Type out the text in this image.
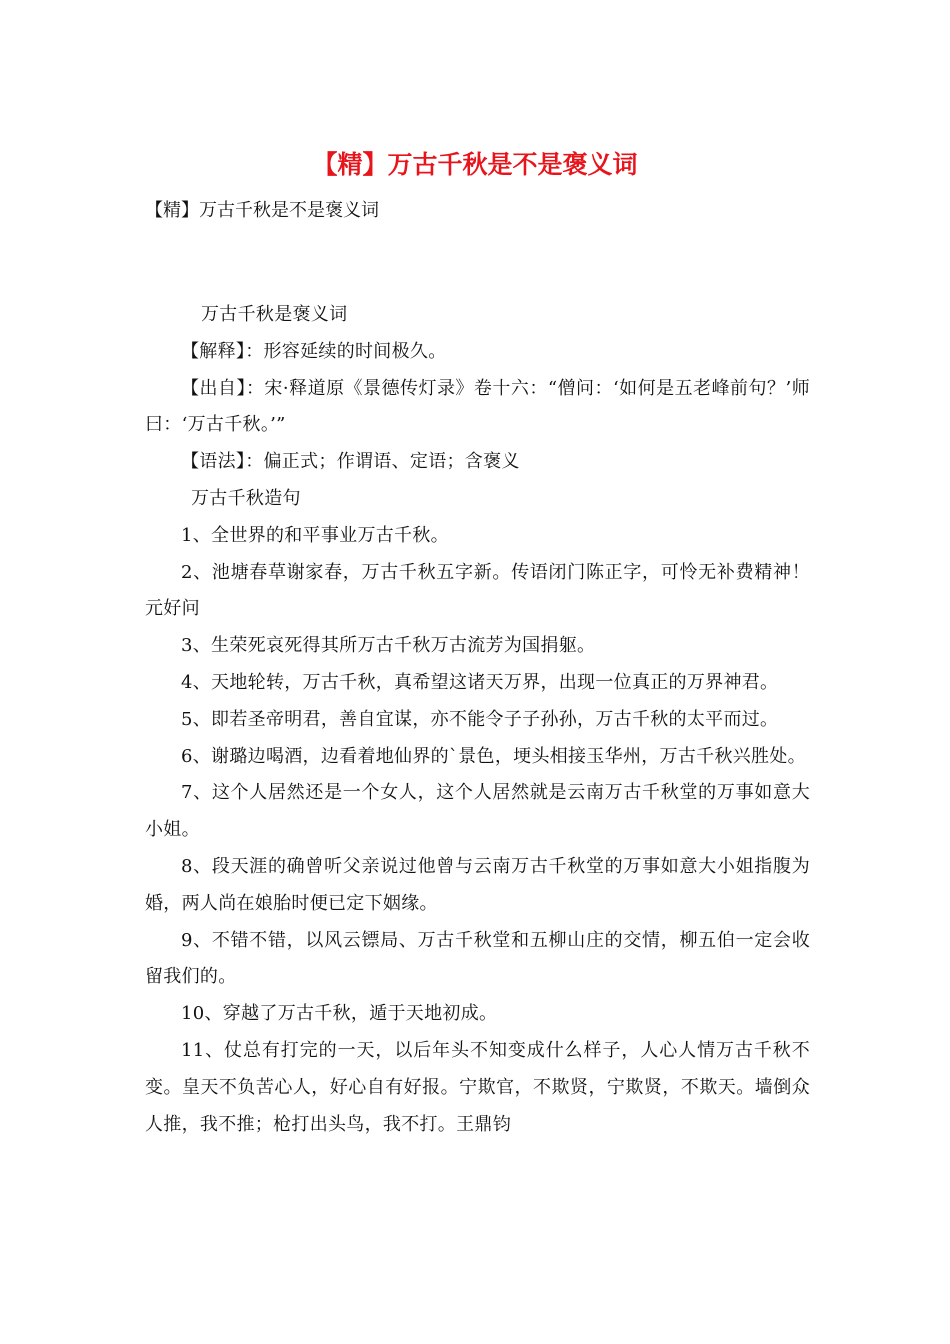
【精】万古千秋是不是褒义词

【精】万古千秋是不是褒义词

万古千秋是褒义词

【解释】：形容延续的时间极久。

【出自】：宋·释道原《景德传灯录》卷十六：“僧问：‘如何是五老峰前句？’师曰：‘万古千秋。’”

【语法】：偏正式；作谓语、定语；含褒义

万古千秋造句

1、全世界的和平事业万古千秋。

2、池塘春草谢家春，万古千秋五字新。传语闭门陈正字，可怜无补费精神！元好问

3、生荣死哀死得其所万古千秋万古流芳为国捐躯。

4、天地轮转，万古千秋，真希望这诸天万界，出现一位真正的万界神君。

5、即若圣帝明君，善自宜谋，亦不能令子子孙孙，万古千秋的太平而过。

6、谢璐边喝酒，边看着地仙界的`景色，埂头相接玉华州，万古千秋兴胜处。

7、这个人居然还是一个女人，这个人居然就是云南万古千秋堂的万事如意大小姐。

8、段天涯的确曾听父亲说过他曾与云南万古千秋堂的万事如意大小姐指腹为婚，两人尚在娘胎时便已定下姻缘。

9、不错不错，以风云镖局、万古千秋堂和五柳山庄的交情，柳五伯一定会收留我们的。

10、穿越了万古千秋，遁于天地初成。

11、仗总有打完的一天，以后年头不知变成什么样子，人心人情万古千秋不变。皇天不负苦心人，好心自有好报。宁欺官，不欺贤，宁欺贤，不欺天。墙倒众人推，我不推；枪打出头鸟，我不打。王鼎钧
